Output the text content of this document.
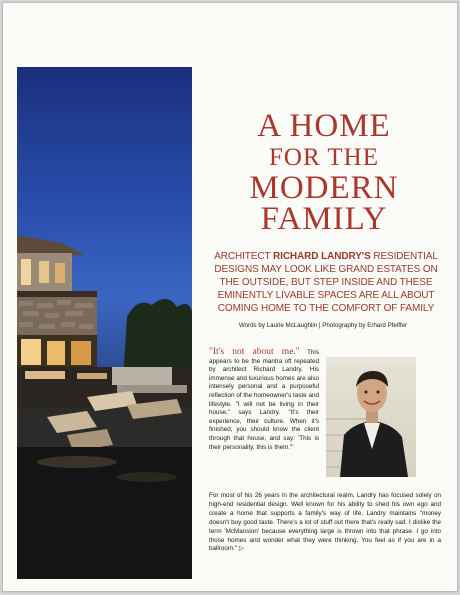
A HOME
FOR THE
MODERN
FAMILY
ARCHITECT RICHARD LANDRY'S RESIDENTIAL DESIGNS MAY LOOK LIKE GRAND ESTATES ON THE OUTSIDE, BUT STEP INSIDE AND THESE EMINENTLY LIVABLE SPACES ARE ALL ABOUT COMING HOME TO THE COMFORT OF FAMILY
Words by Laurie McLaughlin | Photography by Erhard Pfeiffer
"It's not about me." This appears to be the mantra oft repeated by architect Richard Landry. His immense and luxurious homes are also intensely personal and a purposeful reflection of the homeowner's taste and lifestyle. "I will not be living in their house," says Landry. "It's their experience, their culture. When it's finished, you should know the client through that house, and say: 'This is their personality, this is them.'"
For most of his 26 years in the architectural realm, Landry has focused solely on high-end residential design. Well known for his ability to shed his own ego and create a home that supports a family's way of life, Landry maintains "money doesn't buy good taste. There's a lot of stuff out there that's really sad. I dislike the term 'McMansion' because everything large is thrown into that phrase. I go into those homes and wonder what they were thinking. You feel as if you are in a ballroom." ▷
